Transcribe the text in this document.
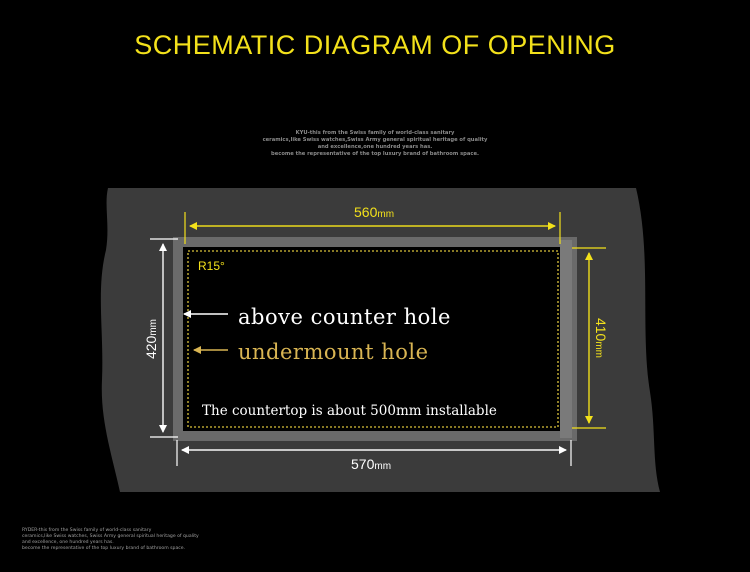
SCHEMATIC DIAGRAM OF OPENING
KYU-this from the Swiss family of world-class sanitary
ceramics,like Swiss watches,Swiss Army general spiritual heritage of quality
and excellence,one hundred years has.
become the representative of the top luxury brand of bathroom space.
420mm	410mm
560mm
570mm
R15°
above counter hole
undermount hole
The countertop is about 500mm installable
RYDER-this from the Swiss family of world-class sanitary
ceramics,like Swiss watches, Swiss Army general spiritual heritage of quality
and excellence, one hundred years has.
become the representative of the top luxury brand of bathroom space.
